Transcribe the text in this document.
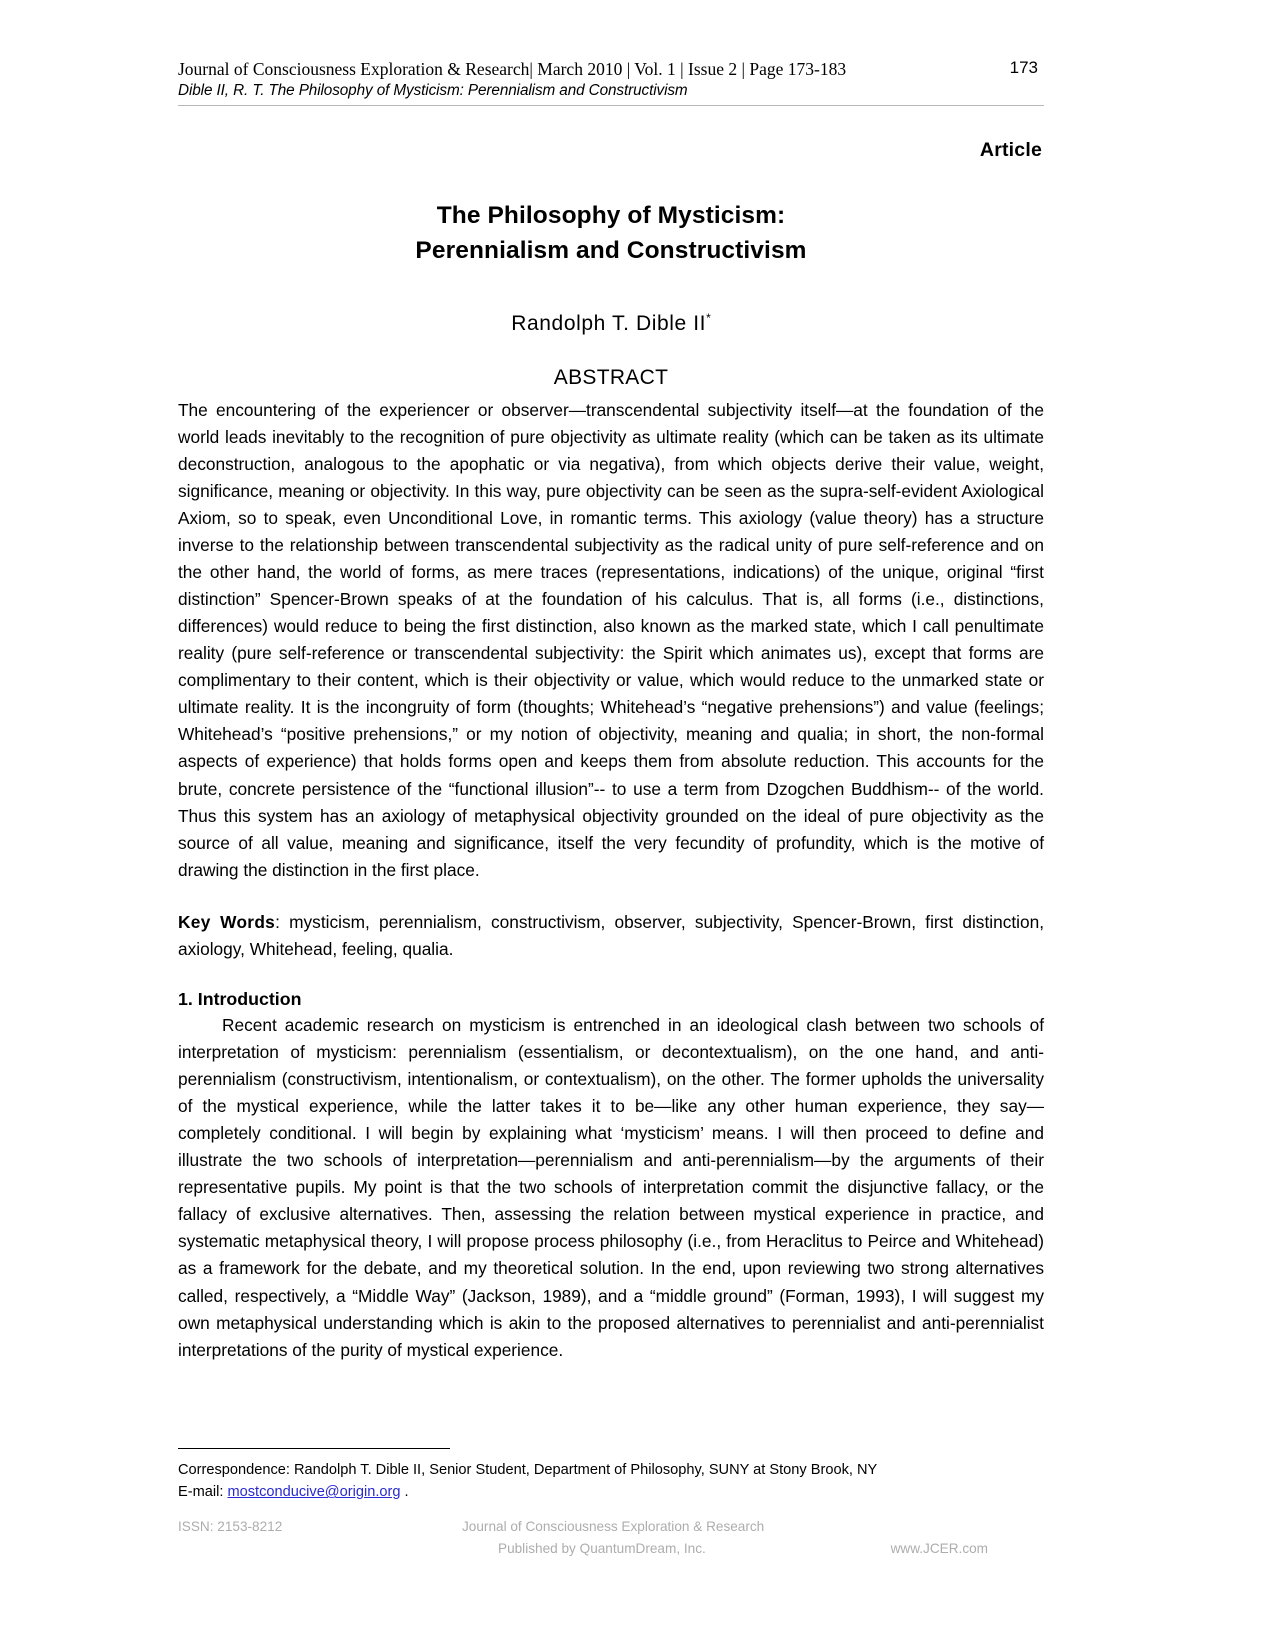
Journal of Consciousness Exploration & Research| March 2010 | Vol. 1 | Issue 2 | Page 173-183	173
Dible II, R. T. The Philosophy of Mysticism: Perennialism and Constructivism
Article
The Philosophy of Mysticism:
Perennialism and Constructivism
Randolph T. Dible II*
ABSTRACT

The encountering of the experiencer or observer—transcendental subjectivity itself—at the foundation of the world leads inevitably to the recognition of pure objectivity as ultimate reality (which can be taken as its ultimate deconstruction, analogous to the apophatic or via negativa), from which objects derive their value, weight, significance, meaning or objectivity. In this way, pure objectivity can be seen as the supra-self-evident Axiological Axiom, so to speak, even Unconditional Love, in romantic terms. This axiology (value theory) has a structure inverse to the relationship between transcendental subjectivity as the radical unity of pure self-reference and on the other hand, the world of forms, as mere traces (representations, indications) of the unique, original “first distinction” Spencer-Brown speaks of at the foundation of his calculus. That is, all forms (i.e., distinctions, differences) would reduce to being the first distinction, also known as the marked state, which I call penultimate reality (pure self-reference or transcendental subjectivity: the Spirit which animates us), except that forms are complimentary to their content, which is their objectivity or value, which would reduce to the unmarked state or ultimate reality. It is the incongruity of form (thoughts; Whitehead’s “negative prehensions”) and value (feelings; Whitehead’s “positive prehensions,” or my notion of objectivity, meaning and qualia; in short, the non-formal aspects of experience) that holds forms open and keeps them from absolute reduction. This accounts for the brute, concrete persistence of the “functional illusion”-- to use a term from Dzogchen Buddhism-- of the world. Thus this system has an axiology of metaphysical objectivity grounded on the ideal of pure objectivity as the source of all value, meaning and significance, itself the very fecundity of profundity, which is the motive of drawing the distinction in the first place.

Key Words: mysticism, perennialism, constructivism, observer, subjectivity, Spencer-Brown, first distinction, axiology, Whitehead, feeling, qualia.

1. Introduction

Recent academic research on mysticism is entrenched in an ideological clash between two schools of interpretation of mysticism: perennialism (essentialism, or decontextualism), on the one hand, and anti-perennialism (constructivism, intentionalism, or contextualism), on the other. The former upholds the universality of the mystical experience, while the latter takes it to be—like any other human experience, they say— completely conditional. I will begin by explaining what ‘mysticism’ means. I will then proceed to define and illustrate the two schools of interpretation—perennialism and anti-perennialism—by the arguments of their representative pupils. My point is that the two schools of interpretation commit the disjunctive fallacy, or the fallacy of exclusive alternatives. Then, assessing the relation between mystical experience in practice, and systematic metaphysical theory, I will propose process philosophy (i.e., from Heraclitus to Peirce and Whitehead) as a framework for the debate, and my theoretical solution. In the end, upon reviewing two strong alternatives called, respectively, a “Middle Way” (Jackson, 1989), and a “middle ground” (Forman, 1993), I will suggest my own metaphysical understanding which is akin to the proposed alternatives to perennialist and anti-perennialist interpretations of the purity of mystical experience.

Correspondence: Randolph T. Dible II, Senior Student, Department of Philosophy, SUNY at Stony Brook, NY
E-mail: mostconducive@origin.org .
ISSN: 2153-8212	Journal of Consciousness Exploration & Research
Published by QuantumDream, Inc.	www.JCER.com
